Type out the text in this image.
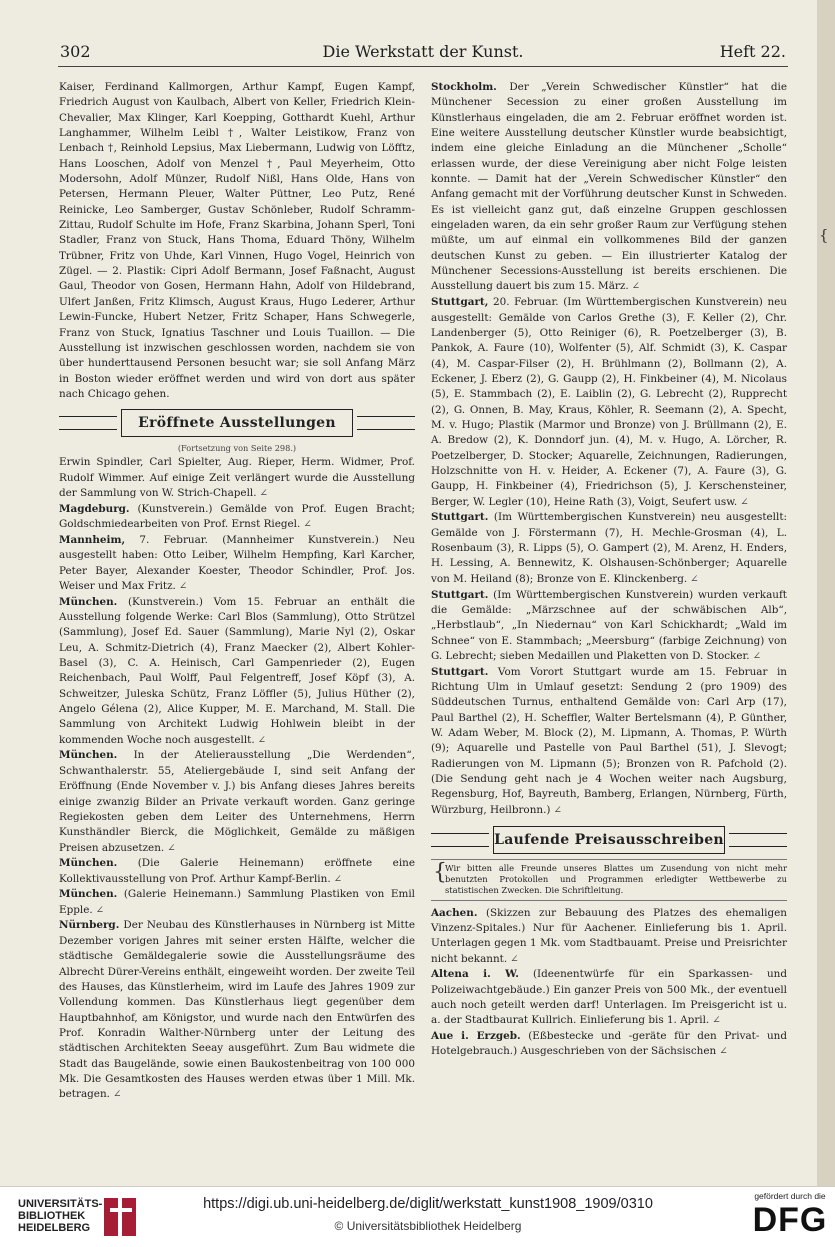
302	Die Werkstatt der Kunst.	Heft 22.

Kaiser, Ferdinand Kallmorgen, Arthur Kampf, Eugen Kampf, Friedrich August von Kaulbach, Albert von Keller, Friedrich Klein-Chevalier, Max Klinger, Karl Koepping, Gotthardt Kuehl, Arthur Langhammer, Wilhelm Leibl †, Walter Leistikow, Franz von Lenbach †, Reinhold Lepsius, Max Liebermann, Ludwig von Löfftz, Hans Looschen, Adolf von Menzel †, Paul Meyerheim, Otto Modersohn, Adolf Münzer, Rudolf Nißl, Hans Olde, Hans von Petersen, Hermann Pleuer, Walter Püttner, Leo Putz, René Reinicke, Leo Samberger, Gustav Schönleber, Rudolf Schramm-Zittau, Rudolf Schulte im Hofe, Franz Skarbina, Johann Sperl, Toni Stadler, Franz von Stuck, Hans Thoma, Eduard Thöny, Wilhelm Trübner, Fritz von Uhde, Karl Vinnen, Hugo Vogel, Heinrich von Zügel. — 2. Plastik: Cipri Adolf Bermann, Josef Faßnacht, August Gaul, Theodor von Gosen, Hermann Hahn, Adolf von Hildebrand, Ulfert Janßen, Fritz Klimsch, August Kraus, Hugo Lederer, Arthur Lewin-Funcke, Hubert Netzer, Fritz Schaper, Hans Schwegerle, Franz von Stuck, Ignatius Taschner und Louis Tuaillon. — Die Ausstellung ist inzwischen geschlossen worden, nachdem sie von über hunderttausend Personen besucht war; sie soll Anfang März in Boston wieder eröffnet werden und wird von dort aus später nach Chicago gehen.

Eröffnete Ausstellungen
(Fortsetzung von Seite 298.)

Erwin Spindler, Carl Spielter, Aug. Rieper, Herm. Widmer, Prof. Rudolf Wimmer. Auf einige Zeit verlängert wurde die Ausstellung der Sammlung von W. Strich-Chapell. ∠

Magdeburg. (Kunstverein.) Gemälde von Prof. Eugen Bracht; Goldschmiedearbeiten von Prof. Ernst Riegel. ∠

Mannheim, 7. Februar. (Mannheimer Kunstverein.) Neu ausgestellt haben: Otto Leiber, Wilhelm Hempfing, Karl Karcher, Peter Bayer, Alexander Koester, Theodor Schindler, Prof. Jos. Weiser und Max Fritz. ∠

München. (Kunstverein.) Vom 15. Februar an enthält die Ausstellung folgende Werke: Carl Blos (Sammlung), Otto Strützel (Sammlung), Josef Ed. Sauer (Sammlung), Marie Nyl (2), Oskar Leu, A. Schmitz-Dietrich (4), Franz Maecker (2), Albert Kohler-Basel (3), C. A. Heinisch, Carl Gampenrieder (2), Eugen Reichenbach, Paul Wolff, Paul Felgentreff, Josef Köpf (3), A. Schweitzer, Juleska Schütz, Franz Löffler (5), Julius Hüther (2), Angelo Gélena (2), Alice Kupper, M. E. Marchand, M. Stall. Die Sammlung von Architekt Ludwig Hohlwein bleibt in der kommenden Woche noch ausgestellt. ∠

München. In der Atelierausstellung „Die Werdenden“, Schwanthalerstr. 55, Ateliergebäude I, sind seit Anfang der Eröffnung (Ende November v. J.) bis Anfang dieses Jahres bereits einige zwanzig Bilder an Private verkauft worden. Ganz geringe Regiekosten geben dem Leiter des Unternehmens, Herrn Kunsthändler Bierck, die Möglichkeit, Gemälde zu mäßigen Preisen abzusetzen. ∠

München. (Die Galerie Heinemann) eröffnete eine Kollektivausstellung von Prof. Arthur Kampf-Berlin. ∠

München. (Galerie Heinemann.) Sammlung Plastiken von Emil Epple. ∠

Nürnberg. Der Neubau des Künstlerhauses in Nürnberg ist Mitte Dezember vorigen Jahres mit seiner ersten Hälfte, welcher die städtische Gemäldegalerie sowie die Ausstellungsräume des Albrecht Dürer-Vereins enthält, eingeweiht worden. Der zweite Teil des Hauses, das Künstlerheim, wird im Laufe des Jahres 1909 zur Vollendung kommen. Das Künstlerhaus liegt gegenüber dem Hauptbahnhof, am Königstor, und wurde nach den Entwürfen des Prof. Konradin Walther-Nürnberg unter der Leitung des städtischen Architekten Seeay ausgeführt. Zum Bau widmete die Stadt das Baugelände, sowie einen Baukostenbeitrag von 100 000 Mk. Die Gesamtkosten des Hauses werden etwas über 1 Mill. Mk. betragen. ∠

Stockholm. Der „Verein Schwedischer Künstler“ hat die Münchener Secession zu einer großen Ausstellung im Künstlerhaus eingeladen, die am 2. Februar eröffnet worden ist. Eine weitere Ausstellung deutscher Künstler wurde beabsichtigt, indem eine gleiche Einladung an die Münchener „Scholle“ erlassen wurde, der diese Vereinigung aber nicht Folge leisten konnte. — Damit hat der „Verein Schwedischer Künstler“ den Anfang gemacht mit der Vorführung deutscher Kunst in Schweden. Es ist vielleicht ganz gut, daß einzelne Gruppen geschlossen eingeladen waren, da ein sehr großer Raum zur Verfügung stehen müßte, um auf einmal ein vollkommenes Bild der ganzen deutschen Kunst zu geben. — Ein illustrierter Katalog der Münchener Secessions-Ausstellung ist bereits erschienen. Die Ausstellung dauert bis zum 15. März. ∠

Stuttgart, 20. Februar. (Im Württembergischen Kunstverein) neu ausgestellt: Gemälde von Carlos Grethe (3), F. Keller (2), Chr. Landenberger (5), Otto Reiniger (6), R. Poetzelberger (3), B. Pankok, A. Faure (10), Wolfenter (5), Alf. Schmidt (3), K. Caspar (4), M. Caspar-Filser (2), H. Brühlmann (2), Bollmann (2), A. Eckener, J. Eberz (2), G. Gaupp (2), H. Finkbeiner (4), M. Nicolaus (5), E. Stammbach (2), E. Laiblin (2), G. Lebrecht (2), Rupprecht (2), G. Onnen, B. May, Kraus, Köhler, R. Seemann (2), A. Specht, M. v. Hugo; Plastik (Marmor und Bronze) von J. Brüllmann (2), E. A. Bredow (2), K. Donndorf jun. (4), M. v. Hugo, A. Lörcher, R. Poetzelberger, D. Stocker; Aquarelle, Zeichnungen, Radierungen, Holzschnitte von H. v. Heider, A. Eckener (7), A. Faure (3), G. Gaupp, H. Finkbeiner (4), Friedrichson (5), J. Kerschensteiner, Berger, W. Legler (10), Heine Rath (3), Voigt, Seufert usw. ∠

Stuttgart. (Im Württembergischen Kunstverein) neu ausgestellt: Gemälde von J. Förstermann (7), H. Mechle-Grosman (4), L. Rosenbaum (3), R. Lipps (5), O. Gampert (2), M. Arenz, H. Enders, H. Lessing, A. Bennewitz, K. Olshausen-Schönberger; Aquarelle von M. Heiland (8); Bronze von E. Klinckenberg. ∠

Stuttgart. (Im Württembergischen Kunstverein) wurden verkauft die Gemälde: „Märzschnee auf der schwäbischen Alb“, „Herbstlaub“, „In Niedernau“ von Karl Schickhardt; „Wald im Schnee“ von E. Stammbach; „Meersburg“ (farbige Zeichnung) von G. Lebrecht; sieben Medaillen und Plaketten von D. Stocker. ∠

Stuttgart. Vom Vorort Stuttgart wurde am 15. Februar in Richtung Ulm in Umlauf gesetzt: Sendung 2 (pro 1909) des Süddeutschen Turnus, enthaltend Gemälde von: Carl Arp (17), Paul Barthel (2), H. Scheffler, Walter Bertelsmann (4), P. Günther, W. Adam Weber, M. Block (2), M. Lipmann, A. Thomas, P. Würth (9); Aquarelle und Pastelle von Paul Barthel (51), J. Slevogt; Radierungen von M. Lipmann (5); Bronzen von R. Pafchold (2). (Die Sendung geht nach je 4 Wochen weiter nach Augsburg, Regensburg, Hof, Bayreuth, Bamberg, Erlangen, Nürnberg, Fürth, Würzburg, Heilbronn.) ∠

Laufende Preisausschreiben
{
Wir bitten alle Freunde unseres Blattes um Zusendung von nicht mehr benutzten Protokollen und Programmen erledigter Wettbewerbe zu statistischen Zwecken. Die Schriftleitung.

Aachen. (Skizzen zur Bebauung des Platzes des ehemaligen Vinzenz-Spitales.) Nur für Aachener. Einlieferung bis 1. April. Unterlagen gegen 1 Mk. vom Stadtbauamt. Preise und Preisrichter nicht bekannt. ∠

Altena i. W. (Ideenentwürfe für ein Sparkassen- und Polizeiwachtgebäude.) Ein ganzer Preis von 500 Mk., der eventuell auch noch geteilt werden darf! Unterlagen. Im Preisgericht ist u. a. der Stadtbaurat Kullrich. Einlieferung bis 1. April. ∠

Aue i. Erzgeb. (Eßbestecke und -geräte für den Privat- und Hotelgebrauch.) Ausgeschrieben von der Sächsischen ∠

{
UNIVERSITÄTS-
BIBLIOTHEK
HEIDELBERG
https://digi.ub.uni-heidelberg.de/diglit/werkstatt_kunst1908_1909/0310
© Universitätsbibliothek Heidelberg
gefördert durch die
DFG
